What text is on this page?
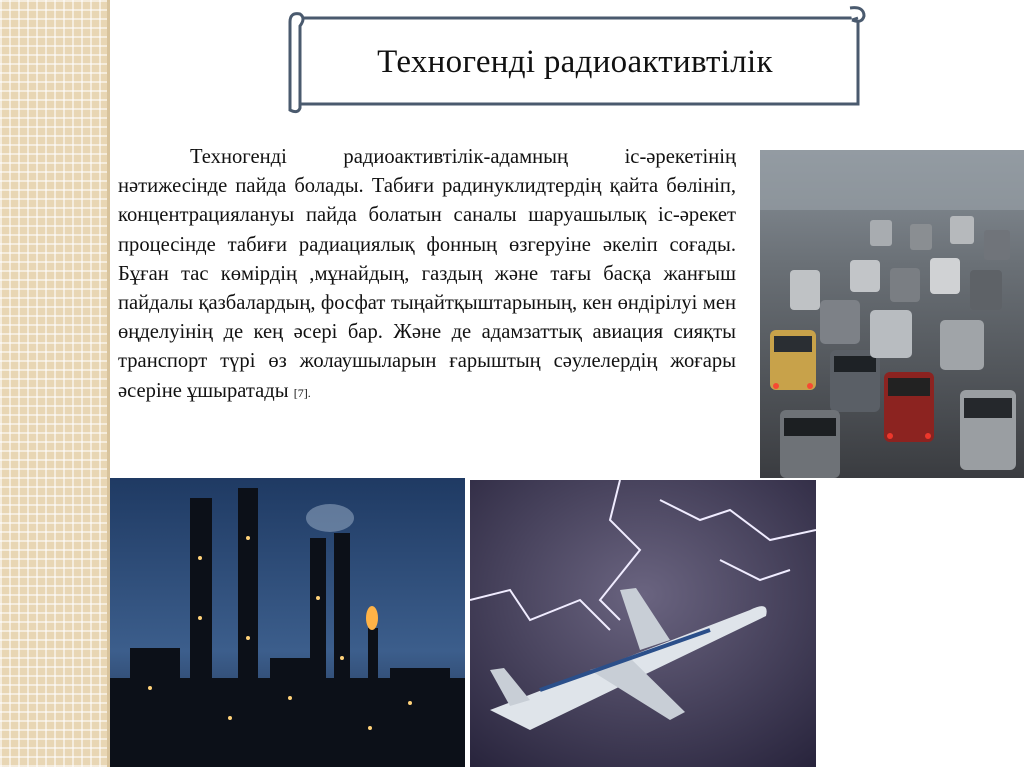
Техногенді радиоактивтілік

Техногенді радиоактивтілік-адамның іс-әрекетінің нәтижесінде пайда болады. Табиғи радинуклидтердің қайта бөлініп, концентрациялануы пайда болатын саналы шаруашылық іс-әрекет процесінде табиғи радиациялық фонның өзгеруіне әкеліп соғады. Бұған тас көмірдің ,мұнайдың, газдың және тағы басқа жанғыш пайдалы қазбалардың, фосфат тыңайтқыштарының, кен өндірілуі мен өңделуінің де кең әсері бар. Және де адамзаттық авиация сияқты транспорт түрі өз жолаушыларын ғарыштың сәулелердің жоғары әсеріне ұшыратады [7].
